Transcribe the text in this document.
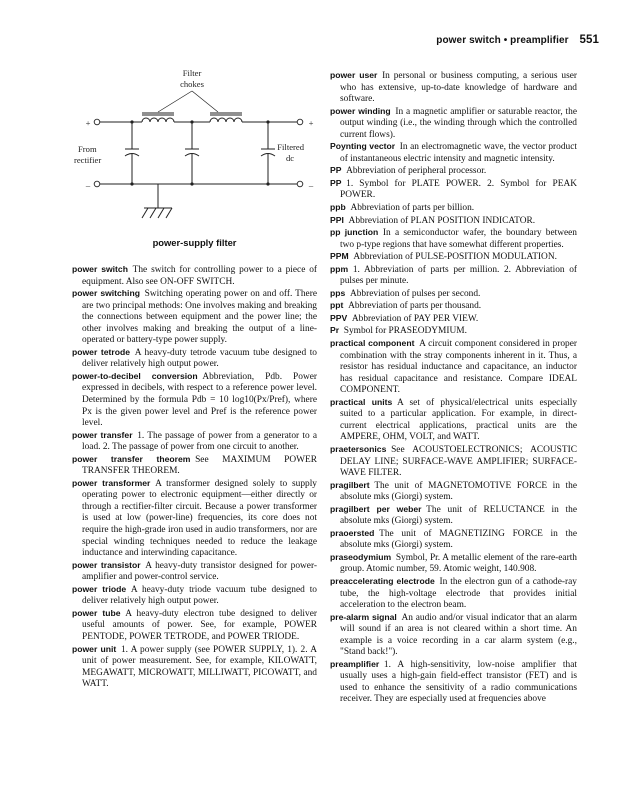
power switch • preamplifier 551
Filter
chokes
+	+
–	–
From
rectifier
Filtered
dc
power-supply filter

power switch  The switch for controlling power to a piece of equipment. Also see ON-OFF SWITCH.

power switching  Switching operating power on and off. There are two principal methods: One involves making and breaking the connections between equipment and the power line; the other involves making and breaking the output of a line-operated or battery-type power supply.

power tetrode  A heavy-duty tetrode vacuum tube designed to deliver relatively high output power.

power-to-decibel conversion  Abbreviation, Pdb. Power expressed in decibels, with respect to a reference power level. Determined by the formula Pdb = 10 log10(Px/Pref), where Px is the given power level and Pref is the reference power level.

power transfer  1. The passage of power from a generator to a load. 2. The passage of power from one circuit to another.

power transfer theorem  See MAXIMUM POWER TRANSFER THEOREM.

power transformer  A transformer designed solely to supply operating power to electronic equipment—either directly or through a rectifier-filter circuit. Because a power transformer is used at low (power-line) frequencies, its core does not require the high-grade iron used in audio transformers, nor are special winding techniques needed to reduce the leakage inductance and interwinding capacitance.

power transistor  A heavy-duty transistor designed for power-amplifier and power-control service.

power triode  A heavy-duty triode vacuum tube designed to deliver relatively high output power.

power tube  A heavy-duty electron tube designed to deliver useful amounts of power. See, for example, POWER PENTODE, POWER TETRODE, and POWER TRIODE.

power unit  1. A power supply (see POWER SUPPLY, 1). 2. A unit of power measurement. See, for example, KILOWATT, MEGAWATT, MICROWATT, MILLIWATT, PICOWATT, and WATT.

power user  In personal or business computing, a serious user who has extensive, up-to-date knowledge of hardware and software.

power winding  In a magnetic amplifier or saturable reactor, the output winding (i.e., the winding through which the controlled current flows).

Poynting vector  In an electromagnetic wave, the vector product of instantaneous electric intensity and magnetic intensity.

PP  Abbreviation of peripheral processor.

PP  1. Symbol for PLATE POWER. 2. Symbol for PEAK POWER.

ppb  Abbreviation of parts per billion.

PPI  Abbreviation of PLAN POSITION INDICATOR.

pp junction  In a semiconductor wafer, the boundary between two p-type regions that have somewhat different properties.

PPM  Abbreviation of PULSE-POSITION MODULATION.

ppm  1. Abbreviation of parts per million. 2. Abbreviation of pulses per minute.

pps  Abbreviation of pulses per second.

ppt  Abbreviation of parts per thousand.

PPV  Abbreviation of PAY PER VIEW.

Pr  Symbol for PRASEODYMIUM.

practical component  A circuit component considered in proper combination with the stray components inherent in it. Thus, a resistor has residual inductance and capacitance, an inductor has residual capacitance and resistance. Compare IDEAL COMPONENT.

practical units  A set of physical/electrical units especially suited to a particular application. For example, in direct-current electrical applications, practical units are the AMPERE, OHM, VOLT, and WATT.

praetersonics  See ACOUSTOELECTRONICS; ACOUSTIC DELAY LINE; SURFACE-WAVE AMPLIFIER; SURFACE-WAVE FILTER.

pragilbert  The unit of MAGNETOMOTIVE FORCE in the absolute mks (Giorgi) system.

pragilbert per weber  The unit of RELUCTANCE in the absolute mks (Giorgi) system.

praoersted  The unit of MAGNETIZING FORCE in the absolute mks (Giorgi) system.

praseodymium  Symbol, Pr. A metallic element of the rare-earth group. Atomic number, 59. Atomic weight, 140.908.

preaccelerating electrode  In the electron gun of a cathode-ray tube, the high-voltage electrode that provides initial acceleration to the electron beam.

pre-alarm signal  An audio and/or visual indicator that an alarm will sound if an area is not cleared within a short time. An example is a voice recording in a car alarm system (e.g., "Stand back!").

preamplifier  1. A high-sensitivity, low-noise amplifier that usually uses a high-gain field-effect transistor (FET) and is used to enhance the sensitivity of a radio communications receiver. They are especially used at frequencies above
